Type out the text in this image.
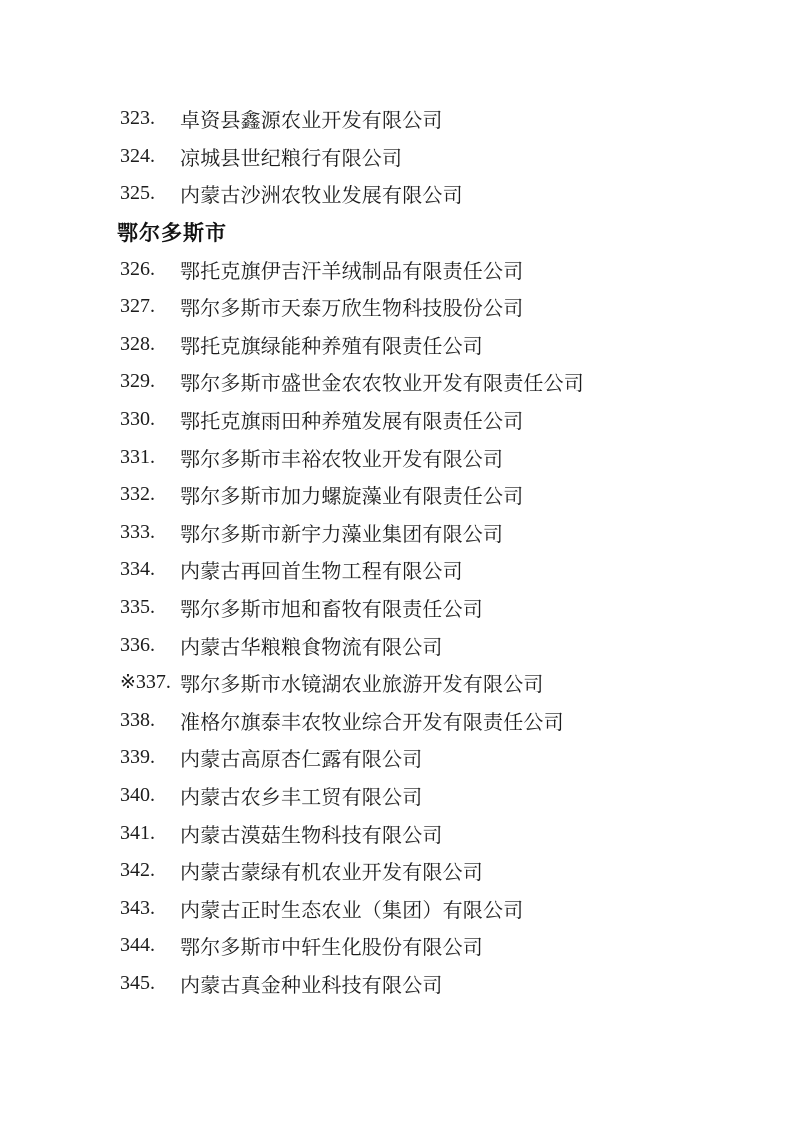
323.	卓资县鑫源农业开发有限公司
324.	凉城县世纪粮行有限公司
325.	内蒙古沙洲农牧业发展有限公司
鄂尔多斯市
326.	鄂托克旗伊吉汗羊绒制品有限责任公司
327.	鄂尔多斯市天泰万欣生物科技股份公司
328.	鄂托克旗绿能种养殖有限责任公司
329.	鄂尔多斯市盛世金农农牧业开发有限责任公司
330.	鄂托克旗雨田种养殖发展有限责任公司
331.	鄂尔多斯市丰裕农牧业开发有限公司
332.	鄂尔多斯市加力螺旋藻业有限责任公司
333.	鄂尔多斯市新宇力藻业集团有限公司
334.	内蒙古再回首生物工程有限公司
335.	鄂尔多斯市旭和畜牧有限责任公司
336.	内蒙古华粮粮食物流有限公司
※337. 鄂尔多斯市水镜湖农业旅游开发有限公司
338.	准格尔旗泰丰农牧业综合开发有限责任公司
339.	内蒙古高原杏仁露有限公司
340.	内蒙古农乡丰工贸有限公司
341.	内蒙古漠菇生物科技有限公司
342.	内蒙古蒙绿有机农业开发有限公司
343.	内蒙古正时生态农业（集团）有限公司
344.	鄂尔多斯市中轩生化股份有限公司
345.	内蒙古真金种业科技有限公司
